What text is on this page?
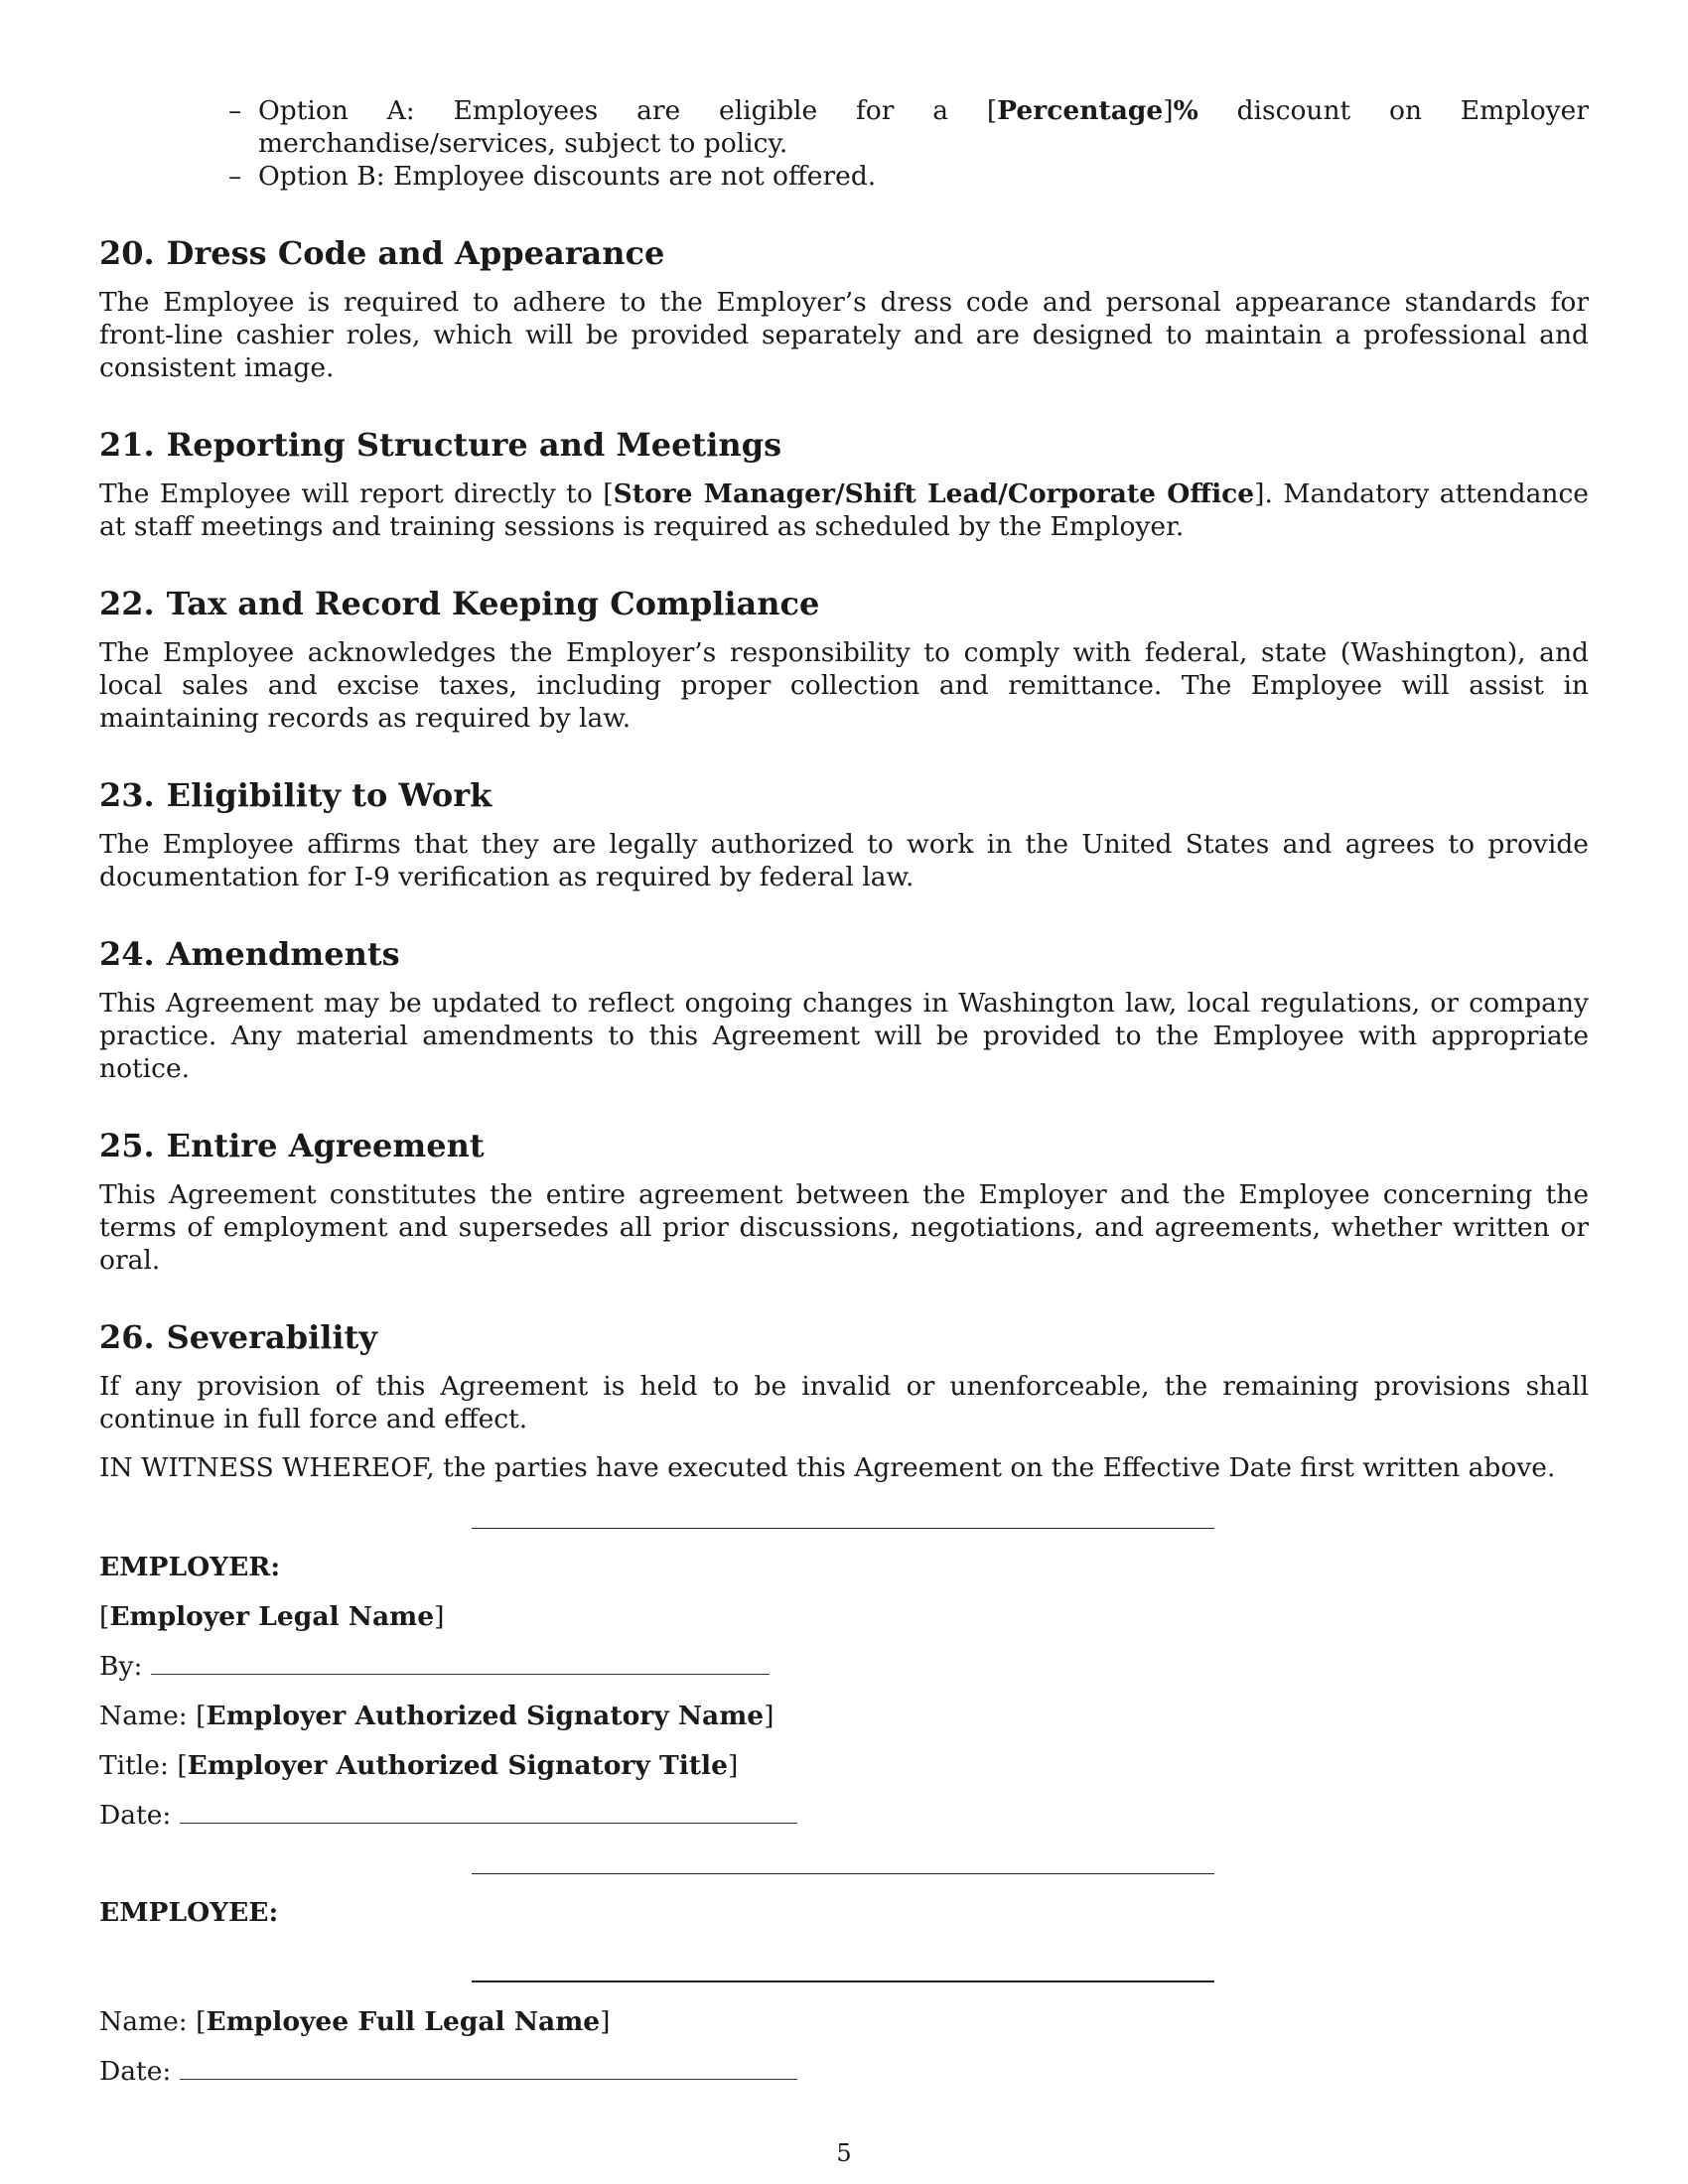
– Option A: Employees are eligible for a [Percentage]% discount on Employer merchandise/services, subject to policy.
– Option B: Employee discounts are not offered.
20. Dress Code and Appearance

The Employee is required to adhere to the Employer’s dress code and personal appearance standards for front-line cashier roles, which will be provided separately and are designed to maintain a professional and consistent image.

21. Reporting Structure and Meetings

The Employee will report directly to [Store Manager/Shift Lead/Corporate Office]. Mandatory attendance at staff meetings and training sessions is required as scheduled by the Employer.

22. Tax and Record Keeping Compliance

The Employee acknowledges the Employer’s responsibility to comply with federal, state (Washington), and local sales and excise taxes, including proper collection and remittance. The Employee will assist in maintaining records as required by law.

23. Eligibility to Work

The Employee affirms that they are legally authorized to work in the United States and agrees to provide documentation for I-9 verification as required by federal law.

24. Amendments

This Agreement may be updated to reflect ongoing changes in Washington law, local regulations, or company practice. Any material amendments to this Agreement will be provided to the Employee with appropriate notice.

25. Entire Agreement

This Agreement constitutes the entire agreement between the Employer and the Employee concerning the terms of employment and supersedes all prior discussions, negotiations, and agreements, whether written or oral.

26. Severability

If any provision of this Agreement is held to be invalid or unenforceable, the remaining provisions shall continue in full force and effect.

IN WITNESS WHEREOF, the parties have executed this Agreement on the Effective Date first written above.

EMPLOYER:

[Employer Legal Name]

By:

Name: [Employer Authorized Signatory Name]

Title: [Employer Authorized Signatory Title]

Date:

EMPLOYEE:

Name: [Employee Full Legal Name]

Date:

5
